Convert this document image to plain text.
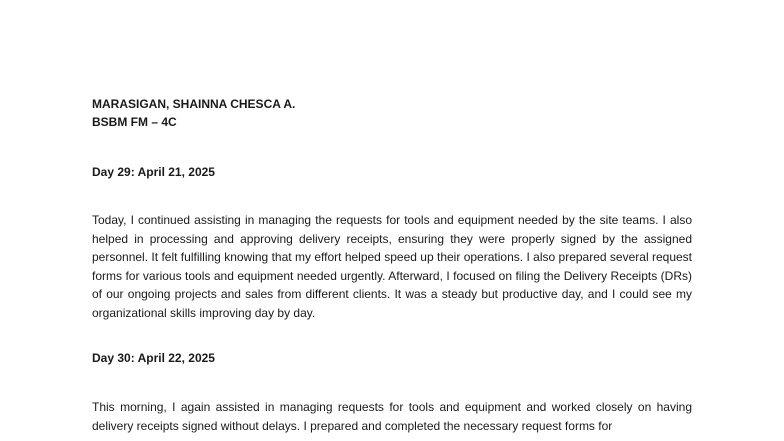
MARASIGAN, SHAINNA CHESCA A.

BSBM FM – 4C

Day 29: April 21, 2025

Today, I continued assisting in managing the requests for tools and equipment needed by the site teams. I also helped in processing and approving delivery receipts, ensuring they were properly signed by the assigned personnel. It felt fulfilling knowing that my effort helped speed up their operations. I also prepared several request forms for various tools and equipment needed urgently. Afterward, I focused on filing the Delivery Receipts (DRs) of our ongoing projects and sales from different clients. It was a steady but productive day, and I could see my organizational skills improving day by day.

Day 30: April 22, 2025

This morning, I again assisted in managing requests for tools and equipment and worked closely on having delivery receipts signed without delays. I prepared and completed the necessary request forms for
